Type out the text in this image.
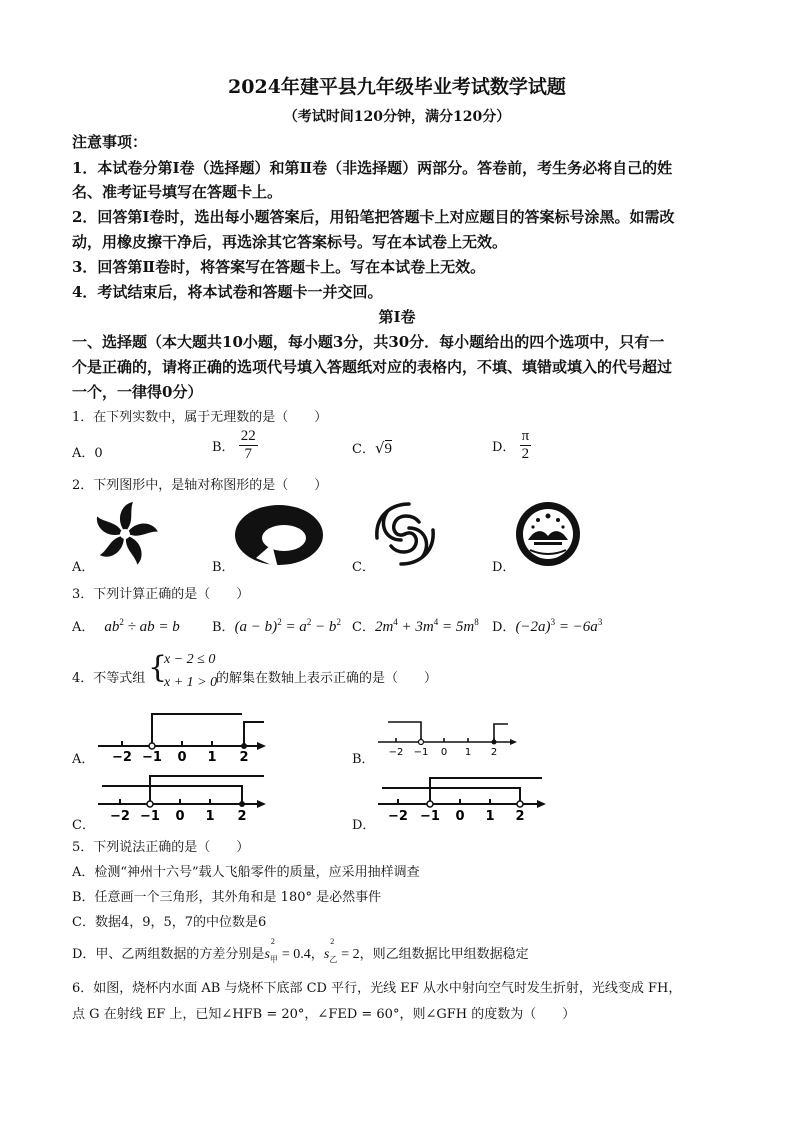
2024年建平县九年级毕业考试数学试题
（考试时间120分钟，满分120分）
注意事项：
1．本试卷分第Ⅰ卷（选择题）和第Ⅱ卷（非选择题）两部分。答卷前，考生务必将自己的姓
名、准考证号填写在答题卡上。
2．回答第Ⅰ卷时，选出每小题答案后，用铅笔把答题卡上对应题目的答案标号涂黑。如需改
动，用橡皮擦干净后，再选涂其它答案标号。写在本试卷上无效。
3．回答第Ⅱ卷时，将答案写在答题卡上。写在本试卷上无效。
4．考试结束后，将本试卷和答题卡一并交回。
第Ⅰ卷
一、选择题（本大题共10小题，每小题3分，共30分．每小题给出的四个选项中，只有一
个是正确的，请将正确的选项代号填入答题纸对应的表格内，不填、填错或填入的代号超过
一个，一律得0分）
1．在下列实数中，属于无理数的是（　　）
A．0	B． $\frac{22}{7}$	C．√9	D． $\frac{\pi}{2}$
2．下列图形中，是轴对称图形的是（　　）
A．	B．	C．	D．
3．下列计算正确的是（　　）
A． $ab^2$ ÷ ab = b B．$(a - b)^2 = a^2 - b^2$ C．$2m^4 + 3m^4 = 5m^8$ D．$(-2a)^3 = -6a^3$
4．不等式组 {
x − 2 ≤ 0
x + 1 > 0
的解集在数轴上表示正确的是（　　）
A． −2 −1 0 1 2	B． −2 −1 0 1 2
C．
−2 −1 0 1 2
D．
−2 −1 0 1 2
5．下列说法正确的是（　　）
A．检测“神州十六号”载人飞船零件的质量，应采用抽样调查
B．任意画一个三角形，其外角和是 180° 是必然事件
C．数据4，9，5，7的中位数是6
D．甲、乙两组数据的方差分别是$s_甲$
2
= 0.4，$s_乙$
2
= 2，则乙组数据比甲组数据稳定
6．如图，烧杯内水面 AB 与烧杯下底部 CD 平行，光线 EF 从水中射向空气时发生折射，光线变成 FH，
点 G 在射线 EF 上，已知∠HFB = 20°，∠FED = 60°，则∠GFH 的度数为（　　）
